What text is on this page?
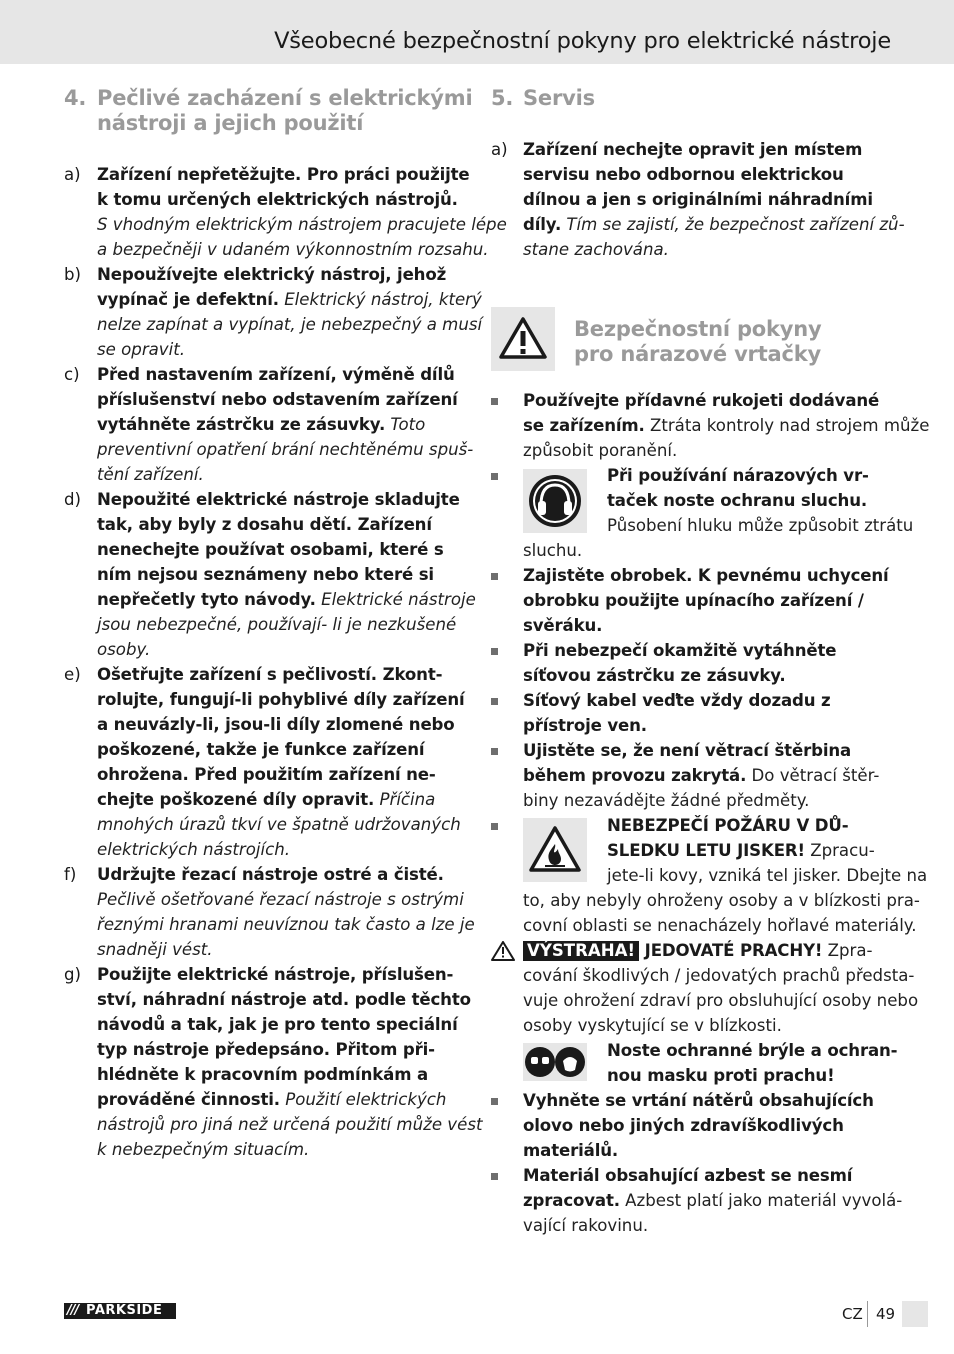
Všeobecné bezpečnostní pokyny pro elektrické nástroje
4. Pečlivé zacházení s elektrickými
nástroji a jejich použití
a) Zařízení nepřetěžujte. Pro práci použijte
k tomu určených elektrických nástrojů.
S vhodným elektrickým nástrojem pracujete lépe
a bezpečněji v udaném výkonnostním rozsahu.
b) Nepoužívejte elektrický nástroj, jehož
vypínač je defektní. Elektrický nástroj, který
nelze zapínat a vypínat, je nebezpečný a musí
se opravit.
c) Před nastavením zařízení, výměně dílů
příslušenství nebo odstavením zařízení
vytáhněte zástrčku ze zásuvky. Toto
preventivní opatření brání nechtěnému spuš-
tění zařízení.
d) Nepoužité elektrické nástroje skladujte
tak, aby byly z dosahu dětí. Zařízení
nenechejte používat osobami, které s
ním nejsou seznámeny nebo které si
nepřečetly tyto návody. Elektrické nástroje
jsou nebezpečné, používají- li je nezkušené
osoby.
e) Ošetřujte zařízení s pečlivostí. Zkont-
rolujte, fungují-li pohyblivé díly zařízení
a neuvázly-li, jsou-li díly zlomené nebo
poškozené, takže je funkce zařízení
ohrožena. Před použitím zařízení ne-
chejte poškozené díly opravit. Příčina
mnohých úrazů tkví ve špatně udržovaných
elektrických nástrojích.
f) Udržujte řezací nástroje ostré a čisté.
Pečlivě ošetřované řezací nástroje s ostrými
řeznými hranami neuvíznou tak často a lze je
snadněji vést.
g) Použijte elektrické nástroje, příslušen-
ství, náhradní nástroje atd. podle těchto
návodů a tak, jak je pro tento speciální
typ nástroje předepsáno. Přitom při-
hlédněte k pracovním podmínkám a
prováděné činnosti. Použití elektrických
nástrojů pro jiná než určená použití může vést
k nebezpečným situacím.
5. Servis
a) Zařízení nechejte opravit jen místem
servisu nebo odbornou elektrickou
dílnou a jen s originálními náhradními
díly. Tím se zajistí, že bezpečnost zařízení zů-
stane zachována.
Bezpečnostní pokyny
pro nárazové vrtačky
Používejte přídavné rukojeti dodávané
se zařízením. Ztráta kontroly nad strojem může
způsobit poranění.
Při používání nárazových vr-
taček noste ochranu sluchu.
Působení hluku může způsobit ztrátu
sluchu.
Zajistěte obrobek. K pevnému uchycení
obrobku použijte upínacího zařízení /
svěráku.
Při nebezpečí okamžitě vytáhněte
síťovou zástrčku ze zásuvky.
Síťový kabel veďte vždy dozadu z
přístroje ven.
Ujistěte se, že není větrací štěrbina
během provozu zakrytá. Do větrací štěr-
biny nezavádějte žádné předměty.
NEBEZPEČÍ POŽÁRU V DŮ-
SLEDKU LETU JISKER! Zpracu-
jete-li kovy, vzniká tel jisker. Dbejte na
to, aby nebyly ohroženy osoby a v blízkosti pra-
covní oblasti se nenacházely hořlavé materiály.
Vyhněte se vrtání nátěrů obsahujících
olovo nebo jiných zdravíškodlivých
materiálů.
Materiál obsahující azbest se nesmí
zpracovat. Azbest platí jako materiál vyvolá-
vající rakovinu.
VÝSTRAHA! JEDOVATÉ PRACHY! Zpra-
cování škodlivých / jedovatých prachů předsta-
vuje ohrožení zdraví pro obsluhující osoby nebo
osoby vyskytující se v blízkosti.
Noste ochranné brýle a ochran-
nou masku proti prachu!
/// PARKSIDE	CZ 49
